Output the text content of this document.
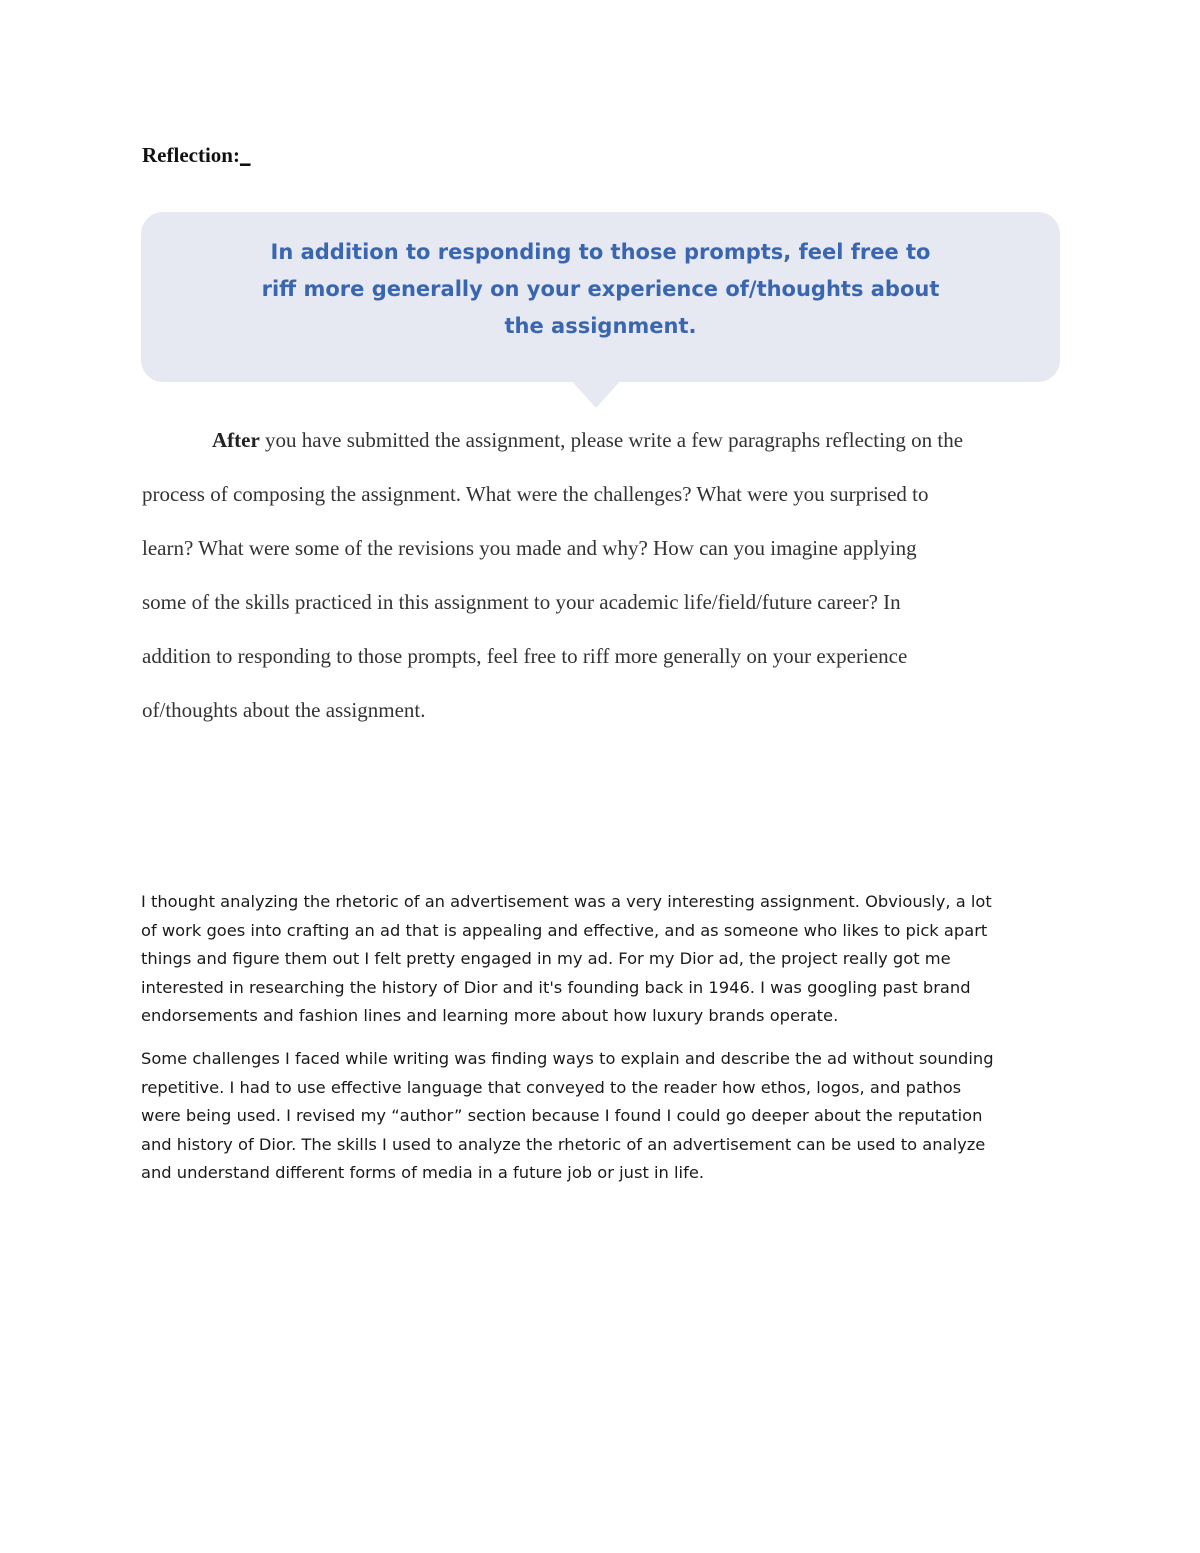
Reflection:_

In addition to responding to those prompts, feel free to
riff more generally on your experience of/thoughts about
the assignment.

After you have submitted the assignment, please write a few paragraphs reflecting on the
process of composing the assignment. What were the challenges? What were you surprised to
learn? What were some of the revisions you made and why? How can you imagine applying
some of the skills practiced in this assignment to your academic life/field/future career? In
addition to responding to those prompts, feel free to riff more generally on your experience
of/thoughts about the assignment.

I thought analyzing the rhetoric of an advertisement was a very interesting assignment. Obviously, a lot
of work goes into crafting an ad that is appealing and effective, and as someone who likes to pick apart
things and figure them out I felt pretty engaged in my ad. For my Dior ad, the project really got me
interested in researching the history of Dior and it's founding back in 1946. I was googling past brand
endorsements and fashion lines and learning more about how luxury brands operate.

Some challenges I faced while writing was finding ways to explain and describe the ad without sounding
repetitive. I had to use effective language that conveyed to the reader how ethos, logos, and pathos
were being used. I revised my “author” section because I found I could go deeper about the reputation
and history of Dior. The skills I used to analyze the rhetoric of an advertisement can be used to analyze
and understand different forms of media in a future job or just in life.
